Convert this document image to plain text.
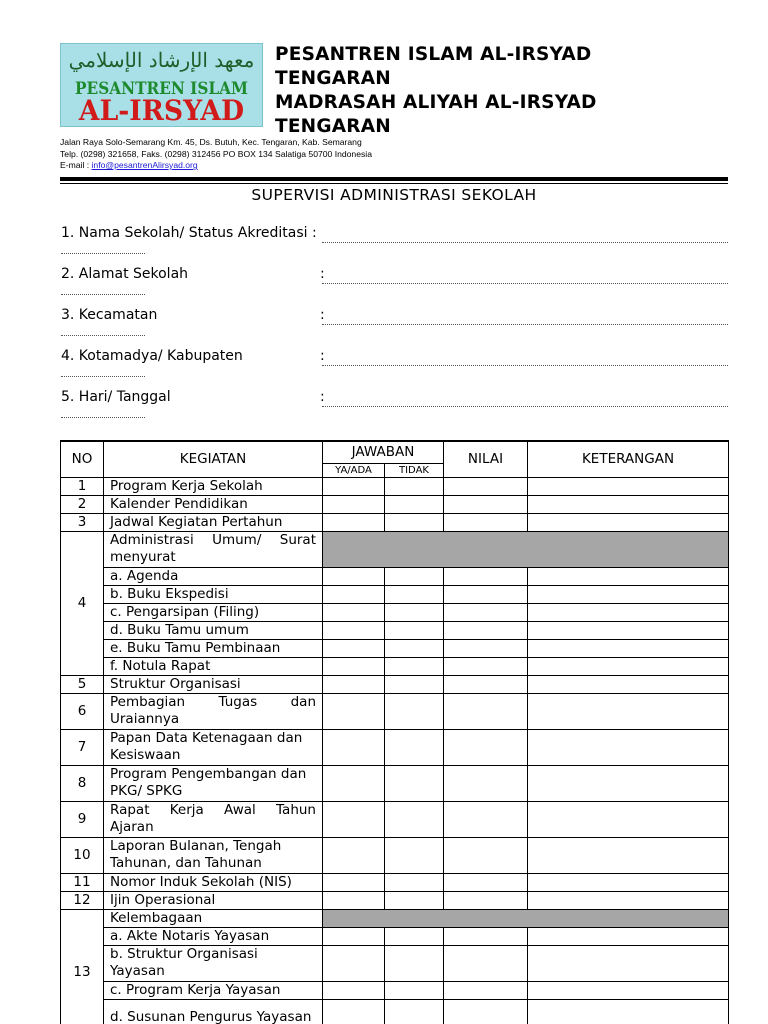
معهد الإرشاد الإسلامي
PESANTREN ISLAM
AL-IRSYAD
PESANTREN ISLAM AL-IRSYAD
TENGARAN
MADRASAH ALIYAH AL-IRSYAD
TENGARAN
Jalan Raya Solo-Semarang Km. 45, Ds. Butuh, Kec. Tengaran, Kab. Semarang
Telp. (0298) 321658, Faks. (0298) 312456 PO BOX 134 Salatiga 50700 Indonesia
E-mail : info@pesantrenAlirsyad.org
SUPERVISI ADMINISTRASI SEKOLAH
1. Nama Sekolah/ Status Akreditasi :
2. Alamat Sekolah	:
3. Kecamatan	:
4. Kotamadya/ Kabupaten	:
5. Hari/ Tanggal	:
NO	KEGIATAN	JAWABAN		NILAI	KETERANGAN
		YA/ADA	TIDAK		
1	Program Kerja Sekolah				
2	Kalender Pendidikan				
3	Jadwal Kegiatan Pertahun				
4	Administrasi Umum/ Surat menyurat				
	a. Agenda				
	b. Buku Ekspedisi				
	c. Pengarsipan (Filing)				
	d. Buku Tamu umum				
	e. Buku Tamu Pembinaan				
	f. Notula Rapat				
5	Struktur Organisasi				
6	Pembagian Tugas dan Uraiannya				
7	Papan Data Ketenagaan dan Kesiswaan				
8	Program Pengembangan dan PKG/ SPKG				
9	Rapat Kerja Awal Tahun Ajaran				
10	Laporan Bulanan, Tengah Tahunan, dan Tahunan				
11	Nomor Induk Sekolah (NIS)				
12	Ijin Operasional				
13	Kelembagaan				
	a. Akte Notaris Yayasan				
	b. Struktur Organisasi Yayasan				
	c. Program Kerja Yayasan				
	d. Susunan Pengurus Yayasan				
